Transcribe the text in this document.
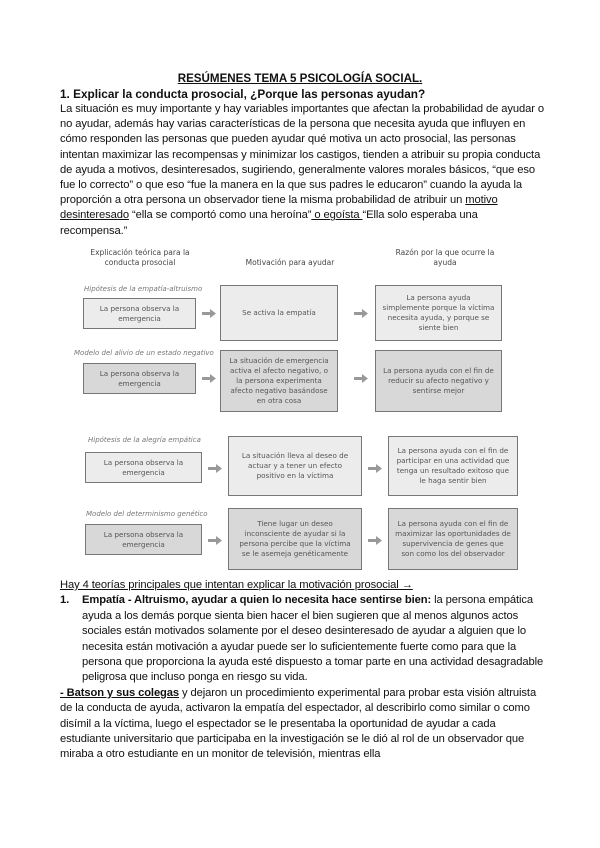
RESÚMENES TEMA 5 PSICOLOGÍA SOCIAL.
1. Explicar la conducta prosocial, ¿Porque las personas ayudan?
La situación es muy importante y hay variables importantes que afectan la probabilidad de ayudar o no ayudar, además hay varias características de la persona que necesita ayuda que influyen en cómo responden las personas que pueden ayudar qué motiva un acto prosocial, las personas intentan maximizar las recompensas y minimizar los castigos, tienden a atribuir su propia conducta de ayuda a motivos, desinteresados, sugiriendo, generalmente valores morales básicos, “que eso fue lo correcto” o que eso “fue la manera en la que sus padres le educaron” cuando la ayuda la proporción a otra persona un observador tiene la misma probabilidad de atribuir un motivo desinteresado “ella se comportó como una heroína” o egoísta “Ella solo esperaba una recompensa.”
Explicación teórica para la conducta prosocial	Motivación para ayudar
Razón por la que ocurre la ayuda
Hipótesis de la empatía-altruismo
La persona observa la emergencia
Se activa la empatía
La persona ayuda simplemente porque la víctima necesita ayuda, y porque se siente bien
Modelo del alivio de un estado negativo
La persona observa la emergencia
La situación de emergencia activa el afecto negativo, o la persona experimenta afecto negativo basándose en otra cosa
La persona ayuda con el fin de reducir su afecto negativo y sentirse mejor
Hipótesis de la alegría empática
La persona observa la emergencia
La situación lleva al deseo de actuar y a tener un efecto positivo en la víctima
La persona ayuda con el fin de participar en una actividad que tenga un resultado exitoso que le haga sentir bien
Modelo del determinismo genético
La persona observa la emergencia
Tiene lugar un deseo inconsciente de ayudar si la persona percibe que la víctima se le asemeja genéticamente
La persona ayuda con el fin de maximizar las oportunidades de supervivencia de genes que son como los del observador
Hay 4 teorías principales que intentan explicar la motivación prosocial →
1. Empatía - Altruismo, ayudar a quien lo necesita hace sentirse bien: la persona empática ayuda a los demás porque sienta bien hacer el bien sugieren que al menos algunos actos sociales están motivados solamente por el deseo desinteresado de ayudar a alguien que lo necesita están motivación a ayudar puede ser lo suficientemente fuerte como para que la persona que proporciona la ayuda esté dispuesto a tomar parte en una actividad desagradable peligrosa que incluso ponga en riesgo su vida.
- Batson y sus colegas y dejaron un procedimiento experimental para probar esta visión altruista de la conducta de ayuda, activaron la empatía del espectador, al describirlo como similar o como disímil a la víctima, luego el espectador se le presentaba la oportunidad de ayudar a cada estudiante universitario que participaba en la investigación se le dió al rol de un observador que miraba a otro estudiante en un monitor de televisión, mientras ella
